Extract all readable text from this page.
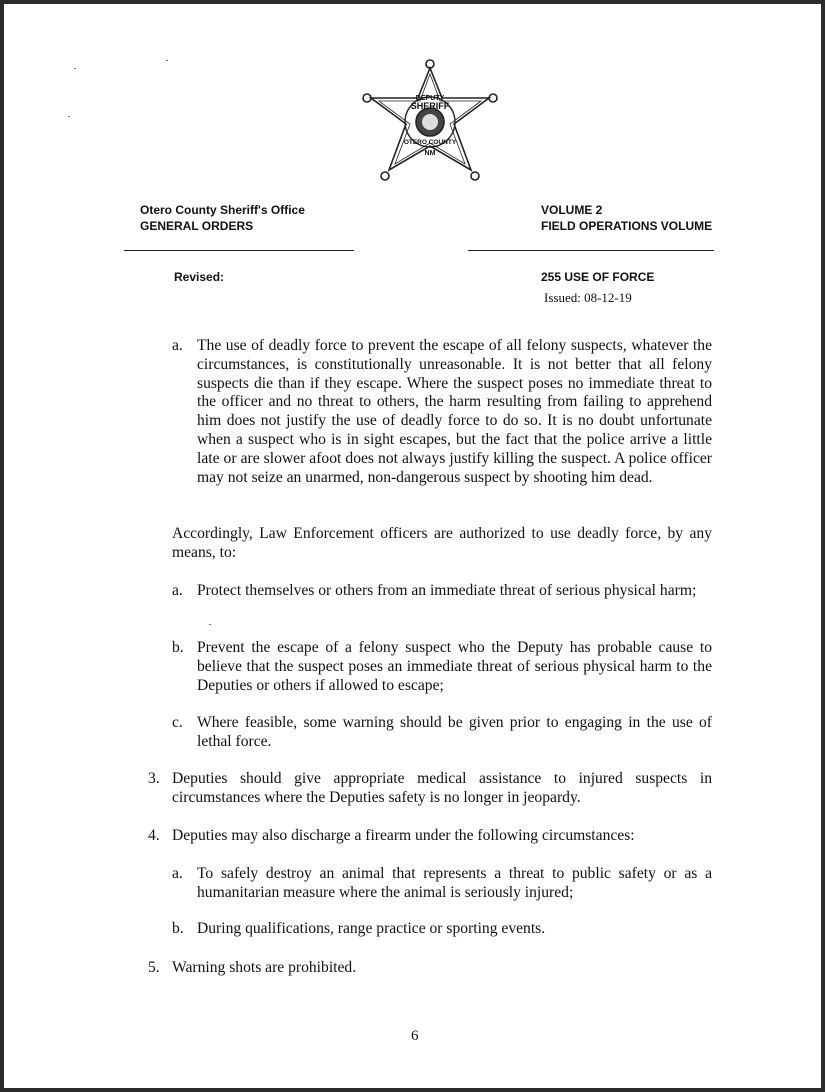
DEPUTY
SHERIFF
OTERO COUNTY
NM
Otero County Sheriff's Office
GENERAL ORDERS
VOLUME 2
FIELD OPERATIONS VOLUME
Revised:	255 USE OF FORCE
Issued: 08-12-19
a. The use of deadly force to prevent the escape of all felony suspects, whatever the circumstances, is constitutionally unreasonable. It is not better that all felony suspects die than if they escape. Where the suspect poses no immediate threat to the officer and no threat to others, the harm resulting from failing to apprehend him does not justify the use of deadly force to do so. It is no doubt unfortunate when a suspect who is in sight escapes, but the fact that the police arrive a little late or are slower afoot does not always justify killing the suspect. A police officer may not seize an unarmed, non-dangerous suspect by shooting him dead.
Accordingly, Law Enforcement officers are authorized to use deadly force, by any means, to:
a. Protect themselves or others from an immediate threat of serious physical harm;
b. Prevent the escape of a felony suspect who the Deputy has probable cause to believe that the suspect poses an immediate threat of serious physical harm to the Deputies or others if allowed to escape;
c. Where feasible, some warning should be given prior to engaging in the use of lethal force.
3. Deputies should give appropriate medical assistance to injured suspects in circumstances where the Deputies safety is no longer in jeopardy.
4. Deputies may also discharge a firearm under the following circumstances:
a. To safely destroy an animal that represents a threat to public safety or as a humanitarian measure where the animal is seriously injured;
b. During qualifications, range practice or sporting events.
5. Warning shots are prohibited.
6
